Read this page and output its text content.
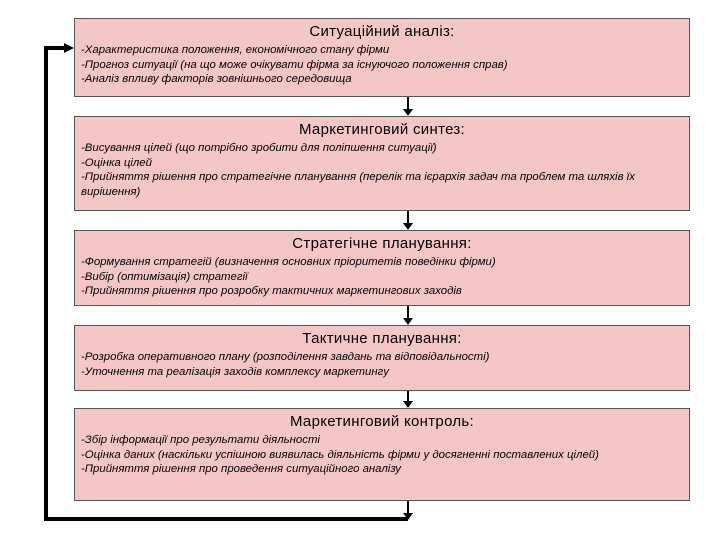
Ситуаційний аналіз:
-Характеристика положення, економічного стану фірми
-Прогноз ситуації (на що може очікувати фірма за існуючого положення справ)
-Аналіз впливу факторів зовнішнього середовища
Маркетинговий синтез:
-Висування цілей (що потрібно зробити для поліпшення ситуації)
-Оцінка цілей
-Прийняття рішення про стратегічне планування (перелік та ієрархія задач та проблем та шляхів їх вирішення)
Стратегічне планування:
-Формування стратегій (визначення основних пріоритетів поведінки фірми)
-Вибір (оптимізація) стратегії
-Прийняття рішення про розробку тактичних маркетингових заходів
Тактичне планування:
-Розробка оперативного плану (розподілення завдань та відповідальності)
-Уточнення та реалізація заходів комплексу маркетингу
Маркетинговий контроль:
-Збір інформації про результати діяльності
-Оцінка даних (наскільки успішною виявилась діяльність фірми у досягненні поставлених цілей)
-Прийняття рішення про проведення ситуаційного аналізу
